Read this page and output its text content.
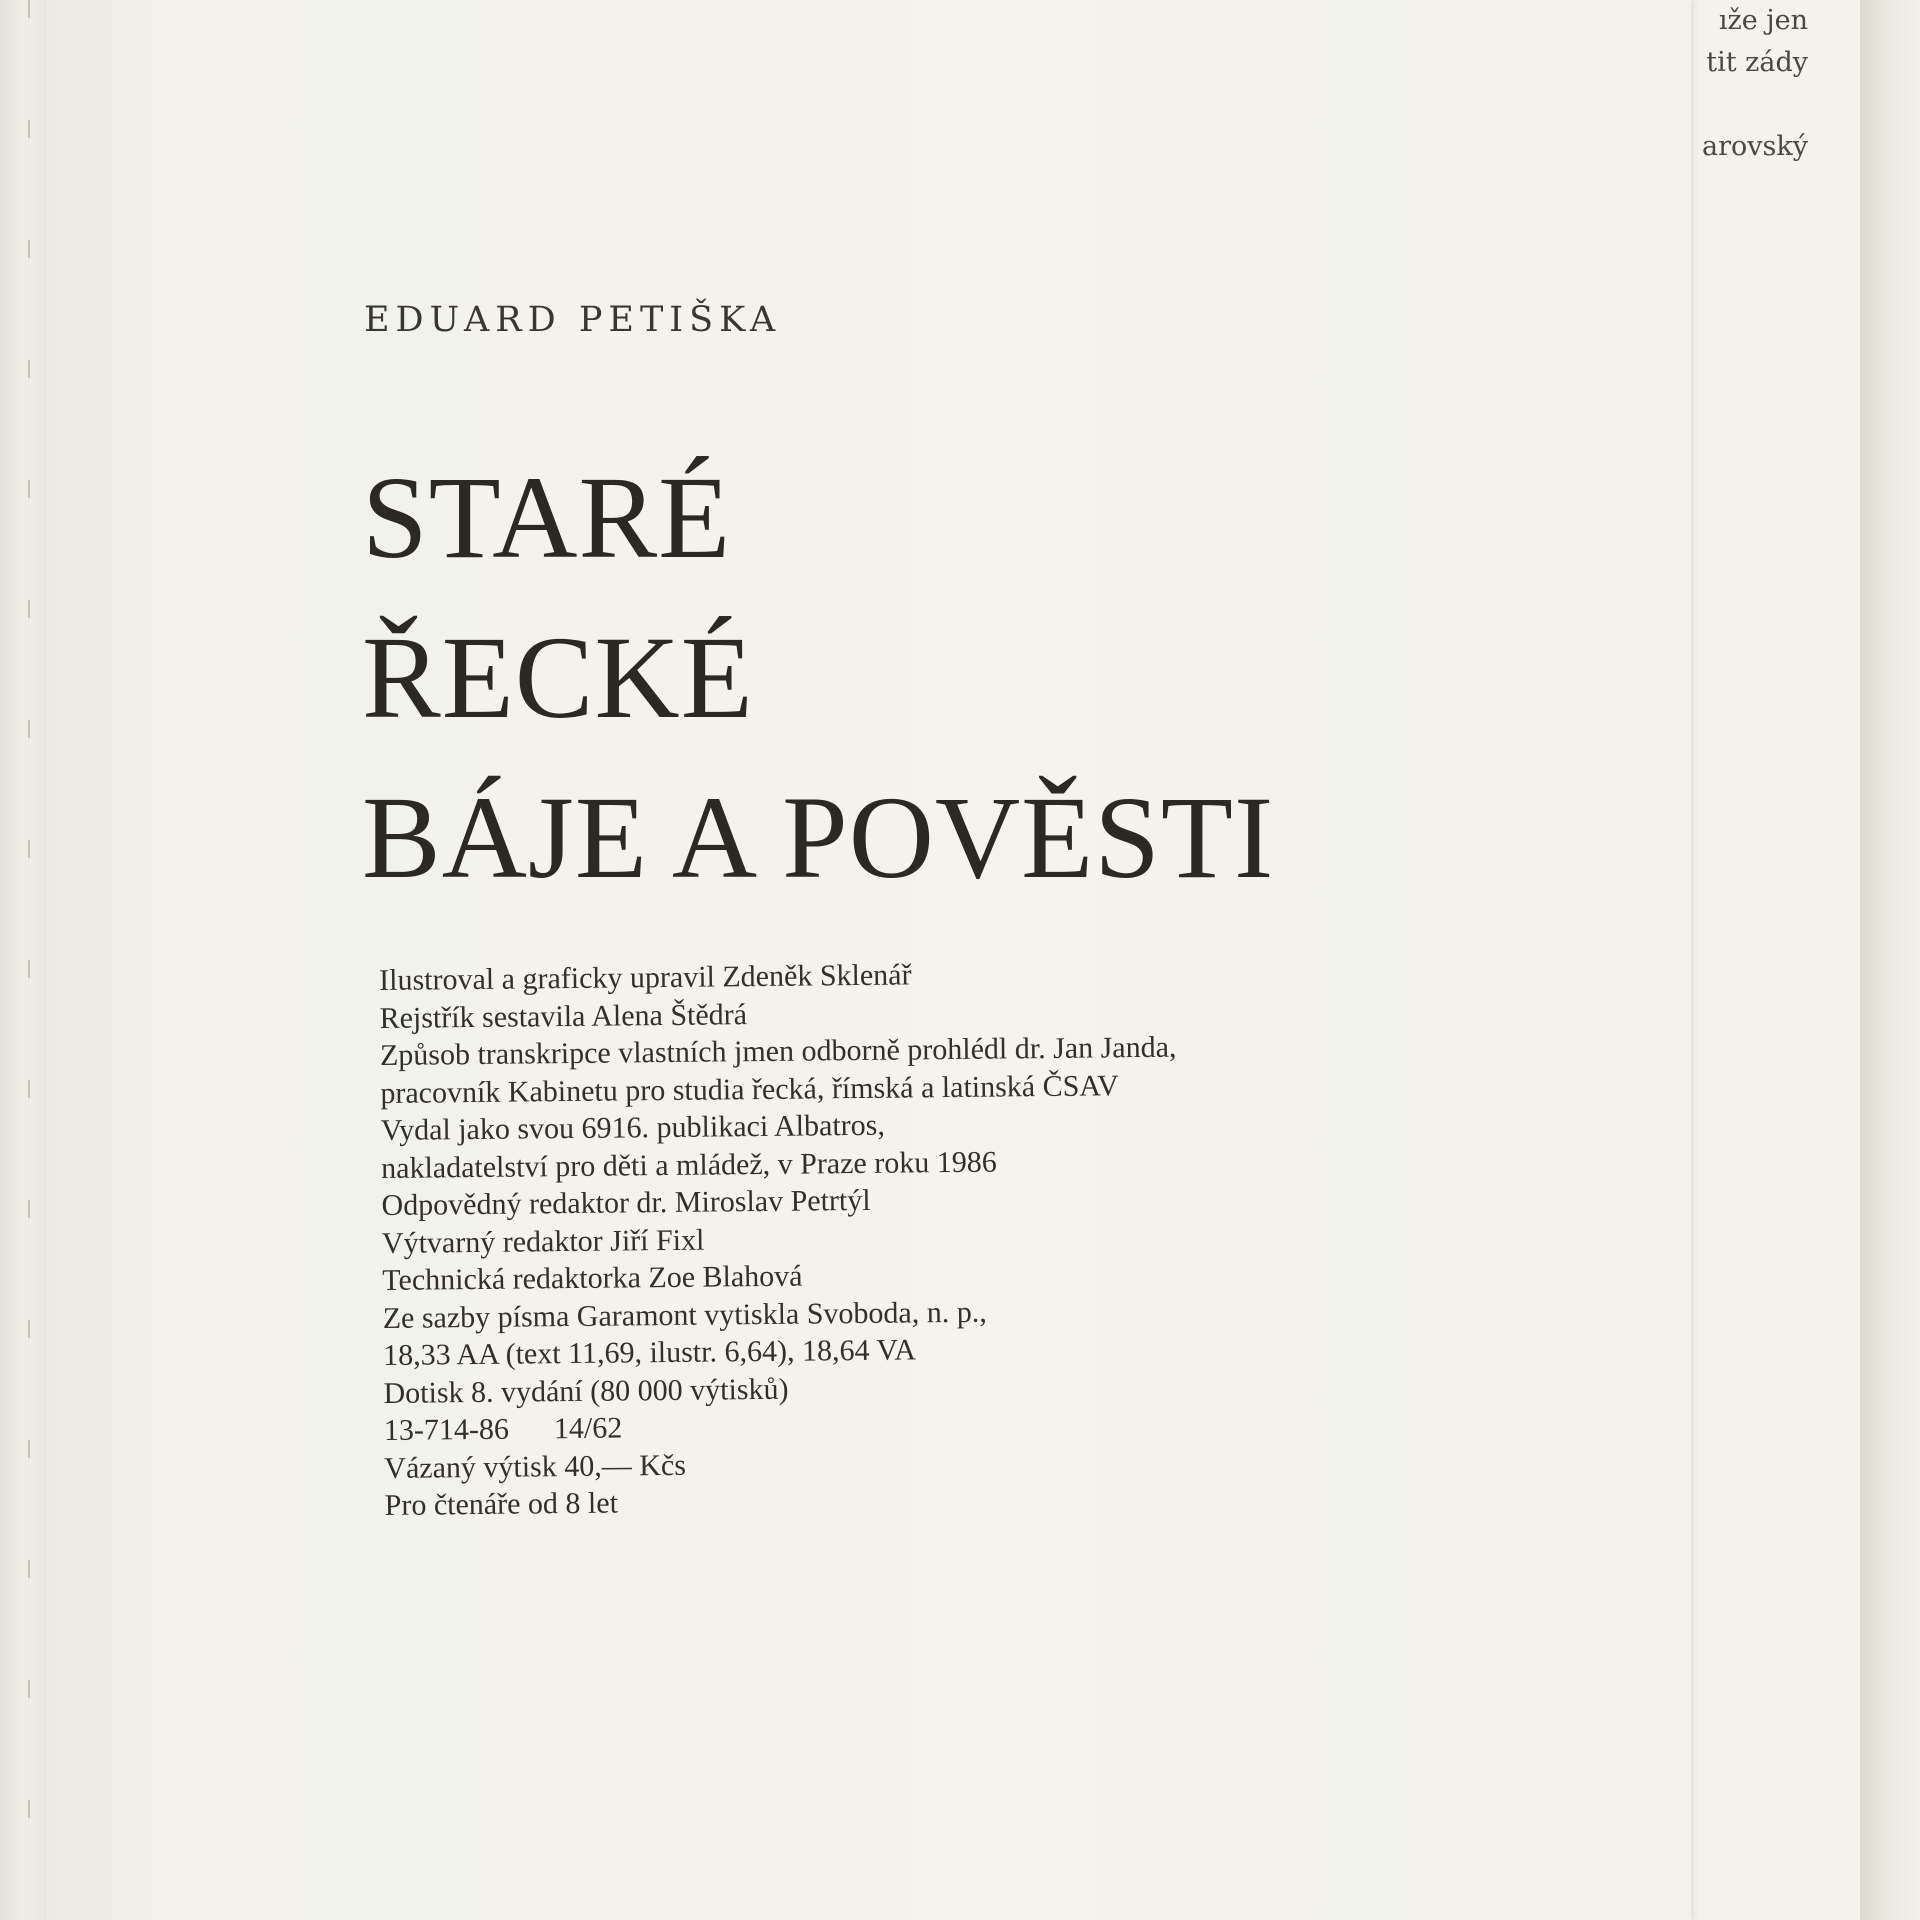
ıže jen
tit zády
arovský
EDUARD PETIŠKA
STARÉ
ŘECKÉ
BÁJE A POVĚSTI
Ilustroval a graficky upravil Zdeněk Sklenář
Rejstřík sestavila Alena Štědrá
Způsob transkripce vlastních jmen odborně prohlédl dr. Jan Janda,
pracovník Kabinetu pro studia řecká, římská a latinská ČSAV
Vydal jako svou 6916. publikaci Albatros,
nakladatelství pro děti a mládež, v Praze roku 1986
Odpovědný redaktor dr. Miroslav Petrtýl
Výtvarný redaktor Jiří Fixl
Technická redaktorka Zoe Blahová
Ze sazby písma Garamont vytiskla Svoboda, n. p.,
18,33 AA (text 11,69, ilustr. 6,64), 18,64 VA
Dotisk 8. vydání (80 000 výtisků)
13-714-86 14/62
Vázaný výtisk 40,— Kčs
Pro čtenáře od 8 let
